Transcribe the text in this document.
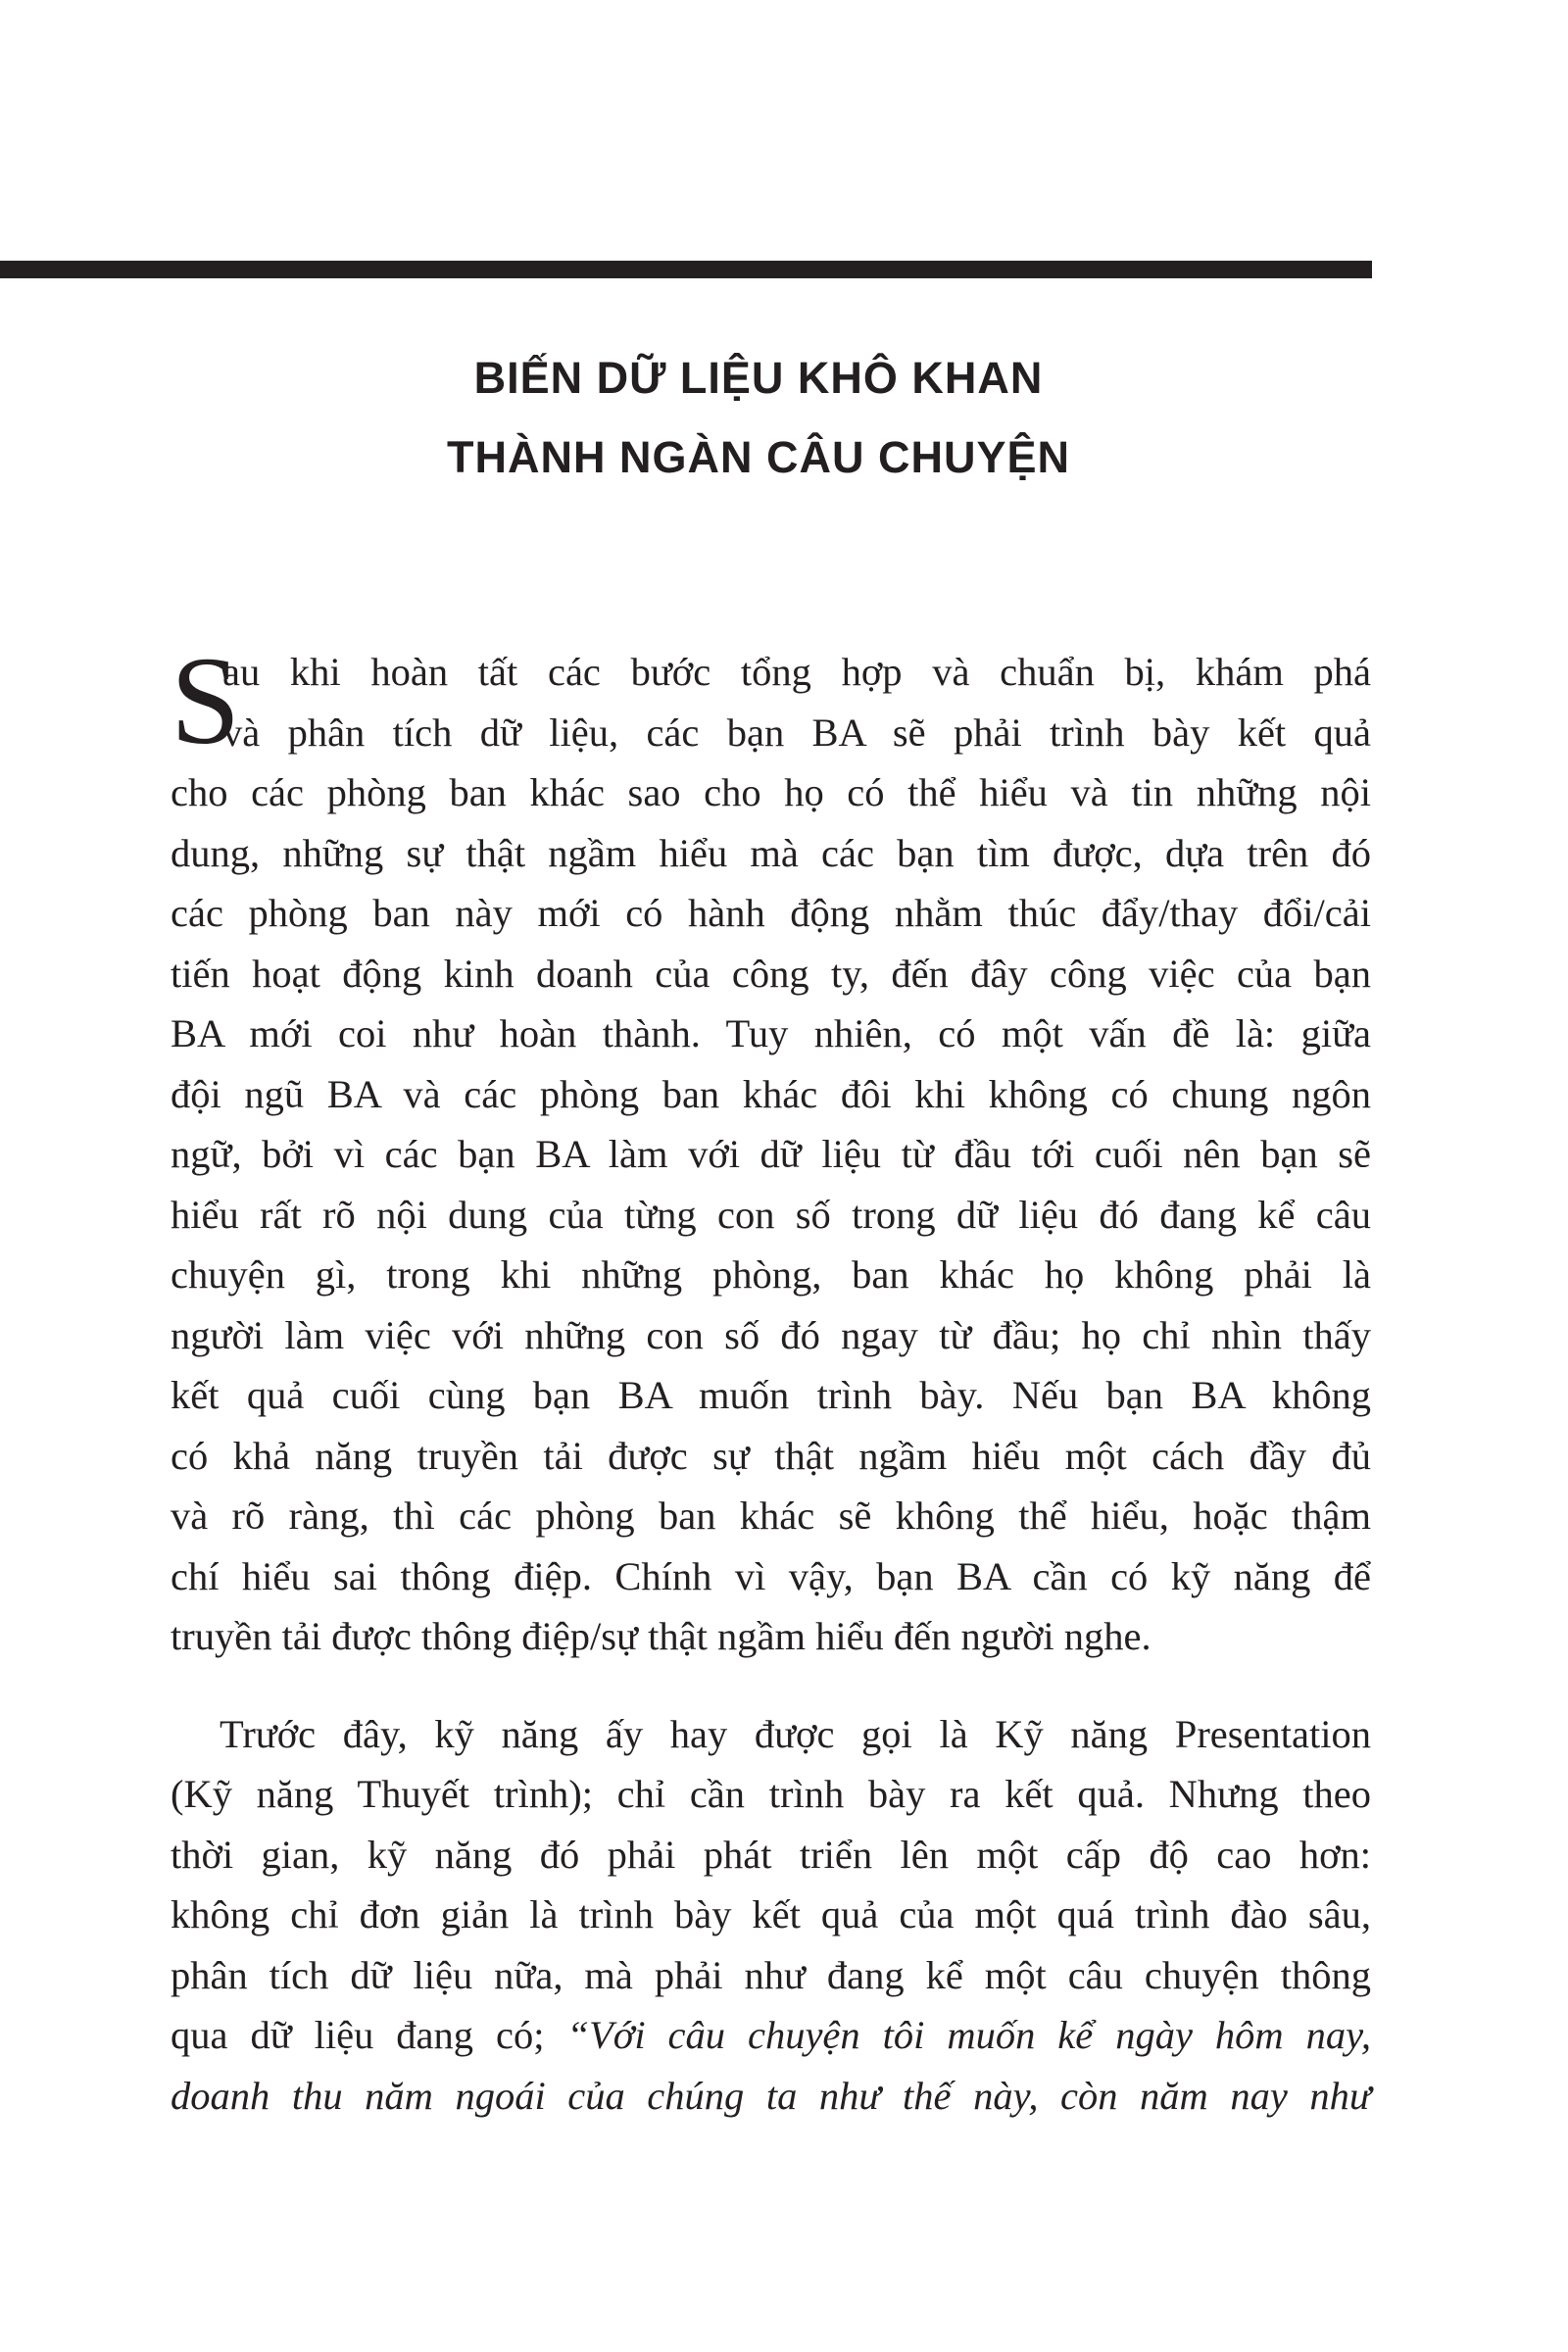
BIẾN DỮ LIỆU KHÔ KHAN
THÀNH NGÀN CÂU CHUYỆN
S
au khi hoàn tất các bước tổng hợp và chuẩn bị, khám phá
và phân tích dữ liệu, các bạn BA sẽ phải trình bày kết quả
cho các phòng ban khác sao cho họ có thể hiểu và tin những nội
dung, những sự thật ngầm hiểu mà các bạn tìm được, dựa trên đó
các phòng ban này mới có hành động nhằm thúc đẩy/thay đổi/cải
tiến hoạt động kinh doanh của công ty, đến đây công việc của bạn
BA mới coi như hoàn thành. Tuy nhiên, có một vấn đề là: giữa
đội ngũ BA và các phòng ban khác đôi khi không có chung ngôn
ngữ, bởi vì các bạn BA làm với dữ liệu từ đầu tới cuối nên bạn sẽ
hiểu rất rõ nội dung của từng con số trong dữ liệu đó đang kể câu
chuyện gì, trong khi những phòng, ban khác họ không phải là
người làm việc với những con số đó ngay từ đầu; họ chỉ nhìn thấy
kết quả cuối cùng bạn BA muốn trình bày. Nếu bạn BA không
có khả năng truyền tải được sự thật ngầm hiểu một cách đầy đủ
và rõ ràng, thì các phòng ban khác sẽ không thể hiểu, hoặc thậm
chí hiểu sai thông điệp. Chính vì vậy, bạn BA cần có kỹ năng để
truyền tải được thông điệp/sự thật ngầm hiểu đến người nghe.
Trước đây, kỹ năng ấy hay được gọi là Kỹ năng Presentation
(Kỹ năng Thuyết trình); chỉ cần trình bày ra kết quả. Nhưng theo
thời gian, kỹ năng đó phải phát triển lên một cấp độ cao hơn:
không chỉ đơn giản là trình bày kết quả của một quá trình đào sâu,
phân tích dữ liệu nữa, mà phải như đang kể một câu chuyện thông
qua dữ liệu đang có; “Với câu chuyện tôi muốn kể ngày hôm nay,
doanh thu năm ngoái của chúng ta như thế này, còn năm nay như
